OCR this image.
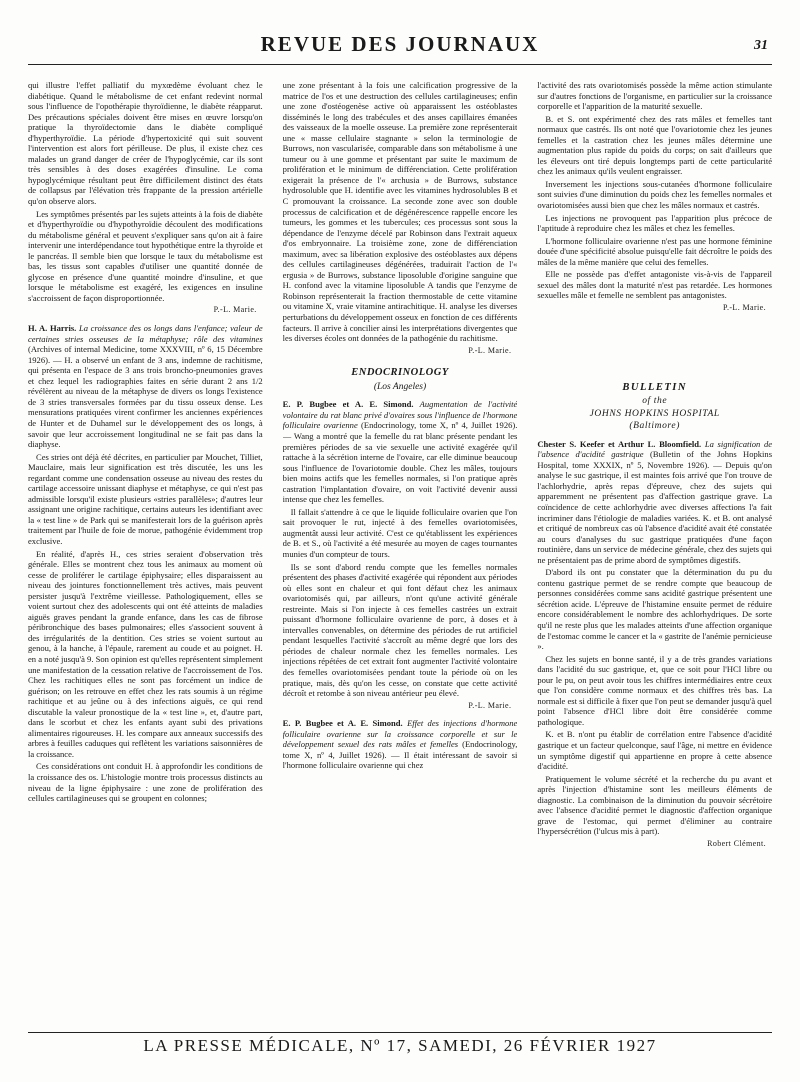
REVUE DES JOURNAUX	31

qui illustre l'effet palliatif du myxœdème évoluant chez le diabétique. Quand le métabolisme de cet enfant redevint normal sous l'influence de l'opothérapie thyroïdienne, le diabète réapparut. Des précautions spéciales doivent être mises en œuvre lorsqu'on pratique la thyroïdectomie dans le diabète compliqué d'hyperthyroïdie. La période d'hypertoxicité qui suit souvent l'intervention est alors fort périlleuse. De plus, il existe chez ces malades un grand danger de créer de l'hypoglycémie, car ils sont très sensibles à des doses exagérées d'insuline. Le coma hypoglycémique résultant peut être difficilement distinct des états de collapsus par l'élévation très frappante de la pression artérielle qu'on observe alors.

Les symptômes présentés par les sujets atteints à la fois de diabète et d'hyperthyroïdie ou d'hypothyroïdie découlent des modifications du métabolisme général et peuvent s'expliquer sans qu'on ait à faire intervenir une interdépendance tout hypothétique entre la thyroïde et le pancréas. Il semble bien que lorsque le taux du métabolisme est bas, les tissus sont capables d'utiliser une quantité donnée de glycose en présence d'une quantité moindre d'insuline, et que lorsque le métabolisme est exagéré, les exigences en insuline s'accroissent de façon disproportionnée.

P.-L. Marie.

H. A. Harris. La croissance des os longs dans l'enfance; valeur de certaines stries osseuses de la métaphyse; rôle des vitamines (Archives of internal Medicine, tome XXXVIII, nº 6, 15 Décembre 1926). — H. a observé un enfant de 3 ans, indemne de rachitisme, qui présenta en l'espace de 3 ans trois broncho-pneumonies graves et chez lequel les radiographies faites en série durant 2 ans 1/2 révélèrent au niveau de la métaphyse de divers os longs l'existence de 3 stries transversales formées par du tissu osseux dense. Les mensurations pratiquées virent confirmer les anciennes expériences de Hunter et de Duhamel sur le développement des os longs, à savoir que leur accroissement longitudinal ne se fait pas dans la diaphyse.

Ces stries ont déjà été décrites, en particulier par Mouchet, Tilliet, Mauclaire, mais leur signification est très discutée, les uns les regardant comme une condensation osseuse au niveau des restes du cartilage accessoire unissant diaphyse et métaphyse, ce qui n'est pas admissible lorsqu'il existe plusieurs «stries parallèles»; d'autres leur assignant une origine rachitique, certains auteurs les identifiant avec la « test line » de Park qui se manifesterait lors de la guérison après traitement par l'huile de foie de morue, pathogénie évidemment trop exclusive.

En réalité, d'après H., ces stries seraient d'observation très générale. Elles se montrent chez tous les animaux au moment où cesse de proliférer le cartilage épiphysaire; elles disparaissent au niveau des jointures fonctionnellement très actives, mais peuvent persister jusqu'à l'extrême vieillesse. Pathologiquement, elles se voient surtout chez des adolescents qui ont été atteints de maladies aiguës graves pendant la grande enfance, dans les cas de fibrose péribronchique des bases pulmonaires; elles s'associent souvent à des irrégularités de la dentition. Ces stries se voient surtout au genou, à la hanche, à l'épaule, rarement au coude et au poignet. H. en a noté jusqu'à 9. Son opinion est qu'elles représentent simplement une manifestation de la cessation relative de l'accroissement de l'os. Chez les rachitiques elles ne sont pas forcément un indice de guérison; on les retrouve en effet chez les rats soumis à un régime rachitique et au jeûne ou à des infections aiguës, ce qui rend discutable la valeur pronostique de la « test line », et, d'autre part, dans le scorbut et chez les enfants ayant subi des privations alimentaires rigoureuses. H. les compare aux anneaux successifs des arbres à feuilles caduques qui reflètent les variations saisonnières de la croissance.

Ces considérations ont conduit H. à approfondir les conditions de la croissance des os. L'histologie montre trois processus distincts au niveau de la ligne épiphysaire : une zone de prolifération des cellules cartilagineuses qui se groupent en colonnes;

une zone présentant à la fois une calcification progressive de la matrice de l'os et une destruction des cellules cartilagineuses; enfin une zone d'ostéogenèse active où apparaissent les ostéoblastes disséminés le long des trabécules et des anses capillaires émanées des vaisseaux de la moelle osseuse. La première zone représenterait une « masse cellulaire stagnante » selon la terminologie de Burrows, non vascularisée, comparable dans son métabolisme à une tumeur ou à une gomme et présentant par suite le maximum de prolifération et le minimum de différenciation. Cette prolifération exigerait la présence de l'« archusia » de Burrows, substance hydrosoluble que H. identifie avec les vitamines hydrosolubles B et C promouvant la croissance. La seconde zone avec son double processus de calcification et de dégénérescence rappelle encore les tumeurs, les gommes et les tubercules; ces processus sont sous la dépendance de l'enzyme décelé par Robinson dans l'extrait aqueux d'os embryonnaire. La troisième zone, zone de différenciation maximum, avec sa libération explosive des ostéoblastes aux dépens des cellules cartilagineuses dégénérées, traduirait l'action de l'« ergusia » de Burrows, substance liposoluble d'origine sanguine que H. confond avec la vitamine liposoluble A tandis que l'enzyme de Robinson représenterait la fraction thermostable de cette vitamine ou vitamine X, vraie vitamine antirachitique. H. analyse les diverses perturbations du développement osseux en fonction de ces différents facteurs. Il arrive à concilier ainsi les interprétations divergentes que les diverses écoles ont données de la pathogénie du rachitisme.

P.-L. Marie.
ENDOCRINOLOGY
(Los Angeles)

E. P. Bugbee et A. E. Simond. Augmentation de l'activité volontaire du rat blanc privé d'ovaires sous l'influence de l'hormone folliculaire ovarienne (Endocrinology, tome X, nº 4, Juillet 1926). — Wang a montré que la femelle du rat blanc présente pendant les premières périodes de sa vie sexuelle une activité exagérée qu'il rattache à la sécrétion interne de l'ovaire, car elle diminue beaucoup sous l'influence de l'ovariotomie double. Chez les mâles, toujours bien moins actifs que les femelles normales, si l'on pratique après castration l'implantation d'ovaire, on voit l'activité devenir aussi intense que chez les femelles.

Il fallait s'attendre à ce que le liquide folliculaire ovarien que l'on sait provoquer le rut, injecté à des femelles ovariotomisées, augmentât aussi leur activité. C'est ce qu'établissent les expériences de B. et S., où l'activité a été mesurée au moyen de cages tournantes munies d'un compteur de tours.

Ils se sont d'abord rendu compte que les femelles normales présentent des phases d'activité exagérée qui répondent aux périodes où elles sont en chaleur et qui font défaut chez les animaux ovariotomisés qui, par ailleurs, n'ont qu'une activité générale restreinte. Mais si l'on injecte à ces femelles castrées un extrait puissant d'hormone folliculaire ovarienne de porc, à doses et à intervalles convenables, on détermine des périodes de rut artificiel pendant lesquelles l'activité s'accroît au même degré que lors des périodes de chaleur normale chez les femelles normales. Les injections répétées de cet extrait font augmenter l'activité volontaire des femelles ovariotomisées pendant toute la période où on les pratique, mais, dès qu'on les cesse, on constate que cette activité décroît et retombe à son niveau antérieur peu élevé.

P.-L. Marie.

E. P. Bugbee et A. E. Simond. Effet des injections d'hormone folliculaire ovarienne sur la croissance corporelle et sur le développement sexuel des rats mâles et femelles (Endocrinology, tome X, nº 4, Juillet 1926). — Il était intéressant de savoir si l'hormone folliculaire ovarienne qui chez

l'activité des rats ovariotomisés possède la même action stimulante sur d'autres fonctions de l'organisme, en particulier sur la croissance corporelle et l'apparition de la maturité sexuelle.

B. et S. ont expérimenté chez des rats mâles et femelles tant normaux que castrés. Ils ont noté que l'ovariotomie chez les jeunes femelles et la castration chez les jeunes mâles détermine une augmentation plus rapide du poids du corps; on sait d'ailleurs que les éleveurs ont tiré depuis longtemps parti de cette particularité chez les animaux qu'ils veulent engraisser.

Inversement les injections sous-cutanées d'hormone folliculaire sont suivies d'une diminution du poids chez les femelles normales et ovariotomisées aussi bien que chez les mâles normaux et castrés.

Les injections ne provoquent pas l'apparition plus précoce de l'aptitude à reproduire chez les mâles et chez les femelles.

L'hormone folliculaire ovarienne n'est pas une hormone féminine douée d'une spécificité absolue puisqu'elle fait décroître le poids des mâles de la même manière que celui des femelles.

Elle ne possède pas d'effet antagoniste vis-à-vis de l'appareil sexuel des mâles dont la maturité n'est pas retardée. Les hormones sexuelles mâle et femelle ne semblent pas antagonistes.

P.-L. Marie.
BULLETIN
of the
JOHNS HOPKINS HOSPITAL
(Baltimore)

Chester S. Keefer et Arthur L. Bloomfield. La signification de l'absence d'acidité gastrique (Bulletin of the Johns Hopkins Hospital, tome XXXIX, nº 5, Novembre 1926). — Depuis qu'on analyse le suc gastrique, il est maintes fois arrivé que l'on trouve de l'achlorhydrie, après repas d'épreuve, chez des sujets qui apparemment ne présentent pas d'affection gastrique grave. La coïncidence de cette achlorhydrie avec diverses affections l'a fait incriminer dans l'étiologie de maladies variées. K. et B. ont analysé et critiqué de nombreux cas où l'absence d'acidité avait été constatée au cours d'analyses du suc gastrique pratiquées d'une façon routinière, dans un service de médecine générale, chez des sujets qui ne présentaient pas de prime abord de symptômes digestifs.

D'abord ils ont pu constater que la détermination du pu du contenu gastrique permet de se rendre compte que beaucoup de personnes considérées comme sans acidité gastrique présentent une sécrétion acide. L'épreuve de l'histamine ensuite permet de réduire encore considérablement le nombre des achlorhydriques. De sorte qu'il ne reste plus que les malades atteints d'une affection organique de l'estomac comme le cancer et la « gastrite de l'anémie pernicieuse ».

Chez les sujets en bonne santé, il y a de très grandes variations dans l'acidité du suc gastrique, et, que ce soit pour l'HCl libre ou pour le pu, on peut avoir tous les chiffres intermédiaires entre ceux que l'on considère comme normaux et des chiffres très bas. La normale est si difficile à fixer que l'on peut se demander jusqu'à quel point l'absence d'HCl libre doit être considérée comme pathologique.

K. et B. n'ont pu établir de corrélation entre l'absence d'acidité gastrique et un facteur quelconque, sauf l'âge, ni mettre en évidence un symptôme digestif qui appartienne en propre à cette absence d'acidité.

Pratiquement le volume sécrété et la recherche du pu avant et après l'injection d'histamine sont les meilleurs éléments de diagnostic. La combinaison de la diminution du pouvoir sécrétoire avec l'absence d'acidité permet le diagnostic d'affection organique grave de l'estomac, qui permet d'éliminer au contraire l'hypersécrétion (l'ulcus mis à part).

Robert Clément.
LA PRESSE MÉDICALE, Nº 17, SAMEDI, 26 FÉVRIER 1927
